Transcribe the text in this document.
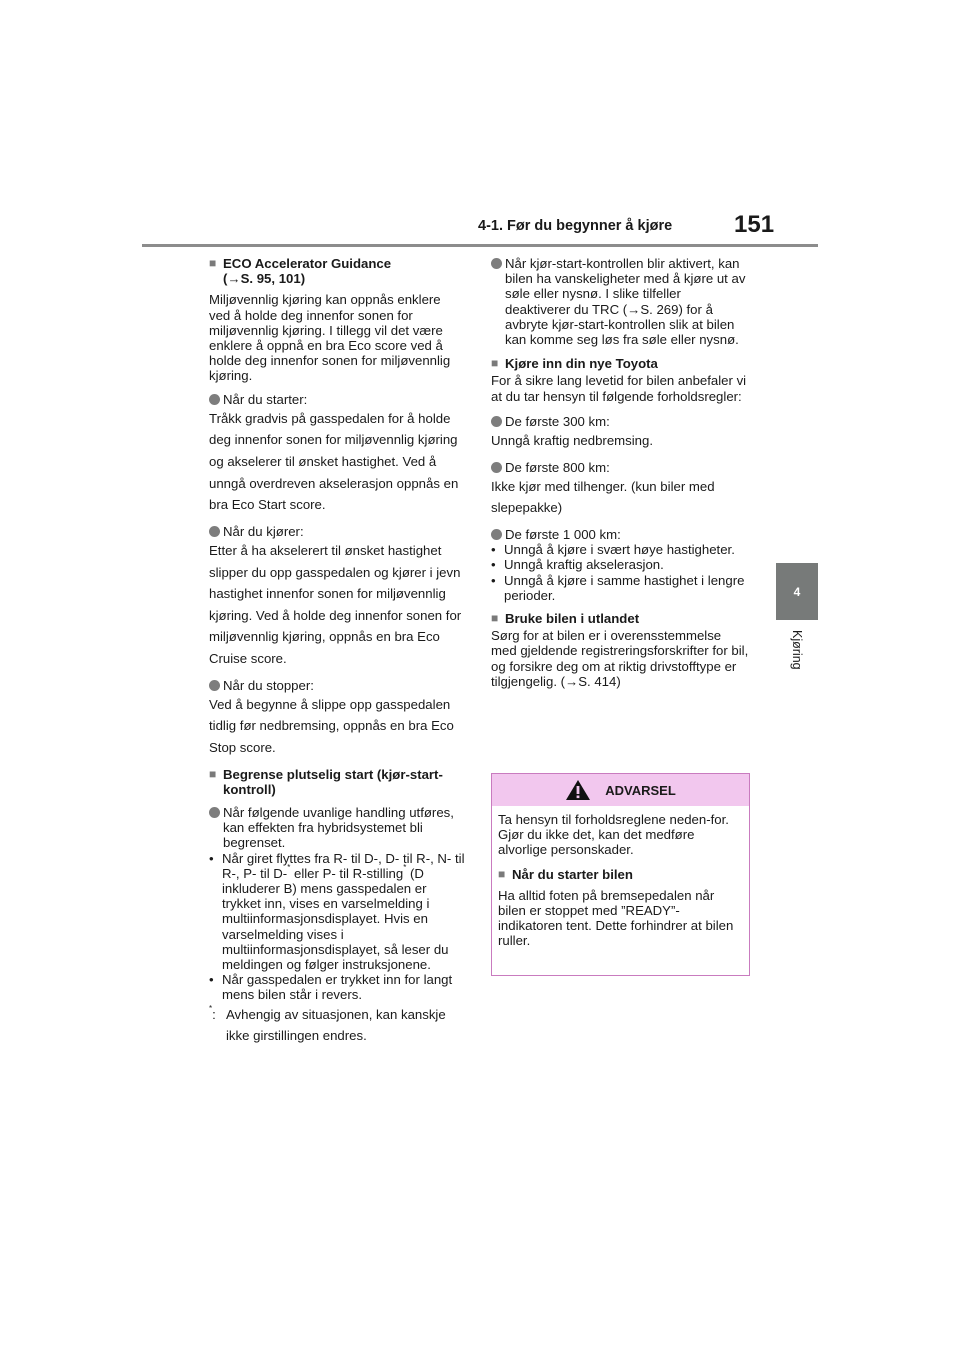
4-1. Før du begynner å kjøre	151
4
Kjøring
■ ECO Accelerator Guidance
(→S. 95, 101)
Miljøvennlig kjøring kan oppnås enklere ved å holde deg innenfor sonen for miljøvennlig kjøring. I tillegg vil det være enklere å oppnå en bra Eco score ved å holde deg innenfor sonen for miljøvennlig kjøring.
Når du starter:
Tråkk gradvis på gasspedalen for å holde deg innenfor sonen for miljøvennlig kjøring og akselerer til ønsket hastighet. Ved å unngå overdreven akselerasjon oppnås en bra Eco Start score.
Når du kjører:
Etter å ha akselerert til ønsket hastighet slipper du opp gasspedalen og kjører i jevn hastighet innenfor sonen for miljøvennlig kjøring. Ved å holde deg innenfor sonen for miljøvennlig kjøring, oppnås en bra Eco Cruise score.
Når du stopper:
Ved å begynne å slippe opp gasspedalen tidlig før nedbremsing, oppnås en bra Eco Stop score.
■ Begrense plutselig start (kjør-start-kontroll)
Når følgende uvanlige handling utføres, kan effekten fra hybridsystemet bli begrenset.
• Når giret flyttes fra R- til D-, D- til R-, N- til R-, P- til D-* eller P- til R-stilling* (D inkluderer B) mens gasspedalen er trykket inn, vises en varselmelding i multiinformasjonsdisplayet. Hvis en varselmelding vises i multiinformasjonsdisplayet, så leser du meldingen og følger instruksjonene.
• Når gasspedalen er trykket inn for langt mens bilen står i revers.
*: Avhengig av situasjonen, kan kanskje ikke girstillingen endres.
Når kjør-start-kontrollen blir aktivert, kan bilen ha vanskeligheter med å kjøre ut av søle eller nysnø. I slike tilfeller deaktiverer du TRC (→S. 269) for å avbryte kjør-start-kontrollen slik at bilen kan komme seg løs fra søle eller nysnø.
■ Kjøre inn din nye Toyota
For å sikre lang levetid for bilen anbefaler vi at du tar hensyn til følgende forholdsregler:
De første 300 km:
Unngå kraftig nedbremsing.
De første 800 km:
Ikke kjør med tilhenger. (kun biler med slepepakke)
De første 1 000 km:
• Unngå å kjøre i svært høye hastigheter.
• Unngå kraftig akselerasjon.
• Unngå å kjøre i samme hastighet i lengre perioder.
■ Bruke bilen i utlandet
Sørg for at bilen er i overensstemmelse med gjeldende registreringsforskrifter for bil, og forsikre deg om at riktig drivstofftype er tilgjengelig. (→S. 414)
ADVARSEL
Ta hensyn til forholdsreglene neden-for.
Gjør du ikke det, kan det medføre alvorlige personskader.
■ Når du starter bilen
Ha alltid foten på bremsepedalen når bilen er stoppet med ”READY”-indikatoren tent. Dette forhindrer at bilen ruller.
